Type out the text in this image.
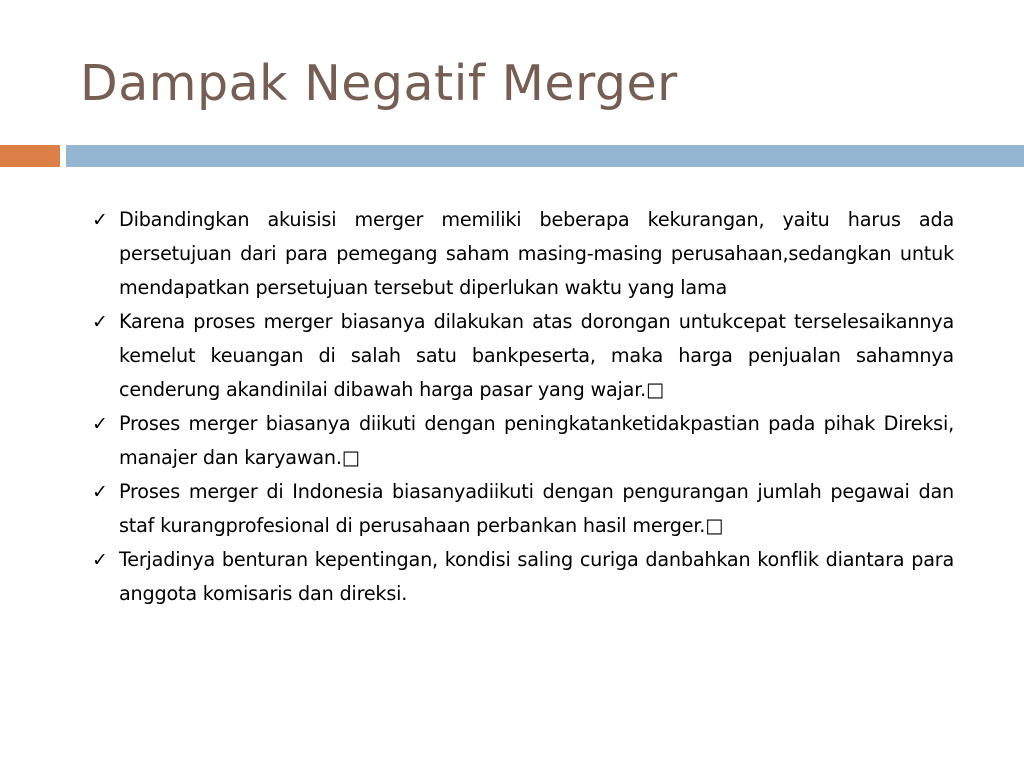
Dampak Negatif Merger
✓ Dibandingkan akuisisi merger memiliki beberapa kekurangan, yaitu harus ada persetujuan dari para pemegang saham masing-masing perusahaan,sedangkan untuk mendapatkan persetujuan tersebut diperlukan waktu yang lama
✓ Karena proses merger biasanya dilakukan atas dorongan untukcepat terselesaikannya kemelut keuangan di salah satu bankpeserta, maka harga penjualan sahamnya cenderung akandinilai dibawah harga pasar yang wajar.□
✓ Proses merger biasanya diikuti dengan peningkatanketidakpastian pada pihak Direksi, manajer dan karyawan.□
✓ Proses merger di Indonesia biasanyadiikuti dengan pengurangan jumlah pegawai dan staf kurangprofesional di perusahaan perbankan hasil merger.□
✓ Terjadinya benturan kepentingan, kondisi saling curiga danbahkan konflik diantara para anggota komisaris dan direksi.
